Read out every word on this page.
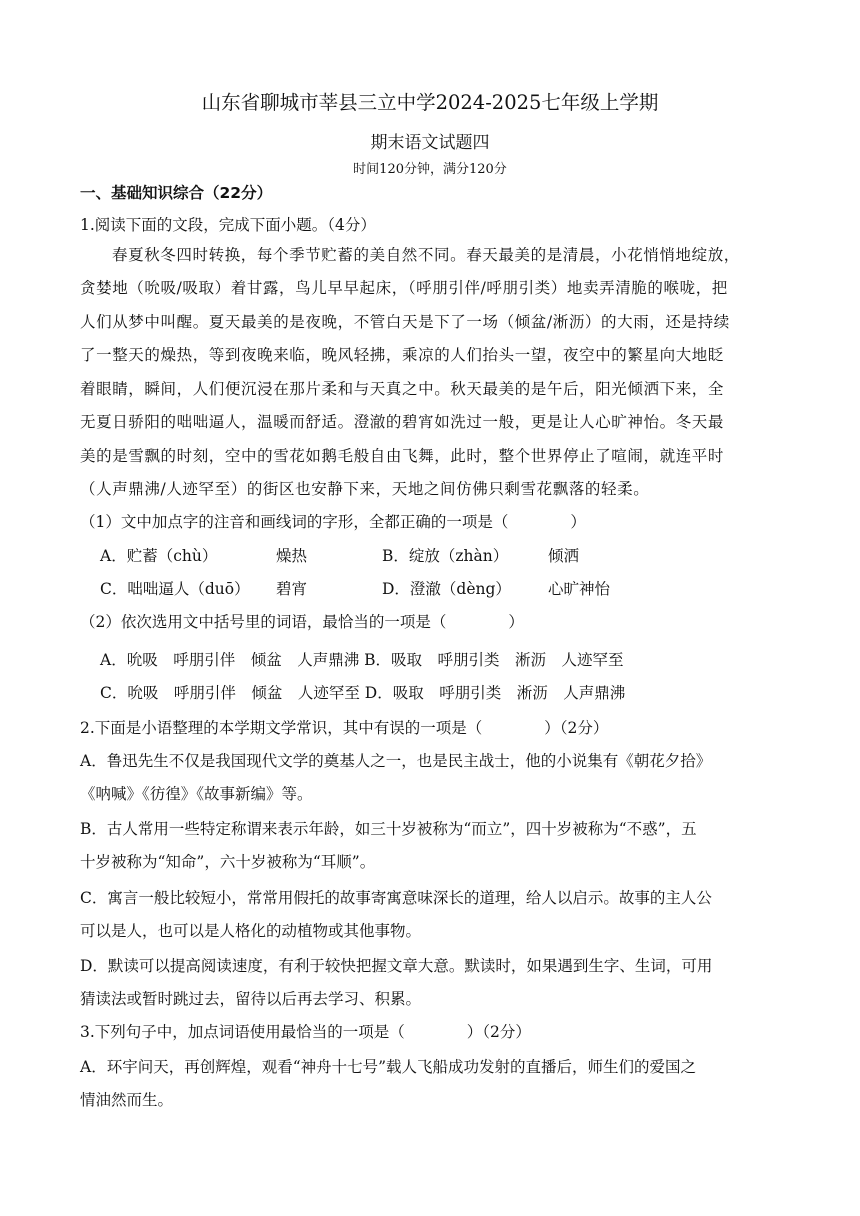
山东省聊城市莘县三立中学2024-2025七年级上学期
期末语文试题四
时间120分钟，满分120分
一、基础知识综合（22分）
1.阅读下面的文段，完成下面小题。（4分）
春夏秋冬四时转换，每个季节贮蓄的美自然不同。春天最美的是清晨，小花悄悄地绽放，
贪婪地（吮吸/吸取）着甘露，鸟儿早早起床，（呼朋引伴/呼朋引类）地卖弄清脆的喉咙，把
人们从梦中叫醒。夏天最美的是夜晚，不管白天是下了一场（倾盆/淅沥）的大雨，还是持续
了一整天的燥热，等到夜晚来临，晚风轻拂，乘凉的人们抬头一望，夜空中的繁星向大地眨
着眼睛，瞬间，人们便沉浸在那片柔和与天真之中。秋天最美的是午后，阳光倾洒下来，全
无夏日骄阳的咄咄逼人，温暖而舒适。澄澈的碧宵如洗过一般，更是让人心旷神怡。冬天最
美的是雪飘的时刻，空中的雪花如鹅毛般自由飞舞，此时，整个世界停止了喧闹，就连平时
（人声鼎沸/人迹罕至）的街区也安静下来，天地之间仿佛只剩雪花飘落的轻柔。
（1）文中加点字的注音和画线词的字形，全都正确的一项是（　　　　）
A．贮蓄（chù）	燥热	B．绽放（zhàn）	倾洒
C．咄咄逼人（duō） 碧宵	D．澄澈（dèng） 心旷神怡
（2）依次选用文中括号里的词语，最恰当的一项是（　　　　）
A．吮吸　呼朋引伴　倾盆　人声鼎沸 B．吸取　呼朋引类　淅沥　人迹罕至
C．吮吸　呼朋引伴　倾盆　人迹罕至 D．吸取　呼朋引类　淅沥　人声鼎沸
2.下面是小语整理的本学期文学常识，其中有误的一项是（　　　　）（2分）
A．鲁迅先生不仅是我国现代文学的奠基人之一，也是民主战士，他的小说集有《朝花夕拾》
《呐喊》《彷徨》《故事新编》等。
B．古人常用一些特定称谓来表示年龄，如三十岁被称为“而立”，四十岁被称为“不惑”，五
十岁被称为“知命”，六十岁被称为“耳顺”。
C．寓言一般比较短小，常常用假托的故事寄寓意味深长的道理，给人以启示。故事的主人公
可以是人，也可以是人格化的动植物或其他事物。
D．默读可以提高阅读速度，有利于较快把握文章大意。默读时，如果遇到生字、生词，可用
猜读法或暂时跳过去，留待以后再去学习、积累。
3.下列句子中，加点词语使用最恰当的一项是（　　　　）（2分）
A．环宇问天，再创辉煌，观看“神舟十七号”载人飞船成功发射的直播后，师生们的爱国之
情油然而生。
